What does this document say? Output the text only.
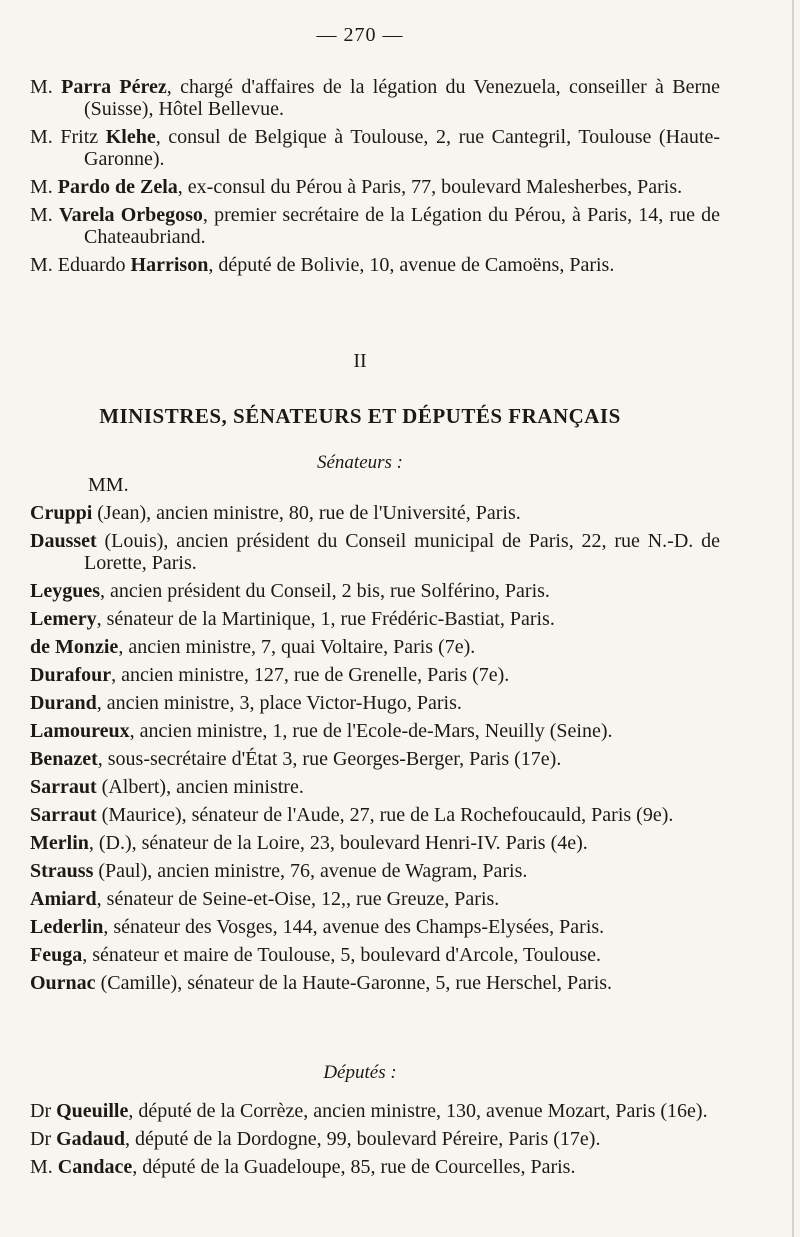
— 270 —

M. Parra Pérez, chargé d'affaires de la légation du Venezuela, conseiller à Berne (Suisse), Hôtel Bellevue.

M. Fritz Klehe, consul de Belgique à Toulouse, 2, rue Cantegril, Toulouse (Haute-Garonne).

M. Pardo de Zela, ex-consul du Pérou à Paris, 77, boulevard Malesherbes, Paris.

M. Varela Orbegoso, premier secrétaire de la Légation du Pérou, à Paris, 14, rue de Chateaubriand.

M. Eduardo Harrison, député de Bolivie, 10, avenue de Camoëns, Paris.

II
MINISTRES, SÉNATEURS ET DÉPUTÉS FRANÇAIS
Sénateurs :
MM.

Cruppi (Jean), ancien ministre, 80, rue de l'Université, Paris.

Dausset (Louis), ancien président du Conseil municipal de Paris, 22, rue N.-D. de Lorette, Paris.

Leygues, ancien président du Conseil, 2 bis, rue Solférino, Paris.

Lemery, sénateur de la Martinique, 1, rue Frédéric-Bastiat, Paris.

de Monzie, ancien ministre, 7, quai Voltaire, Paris (7e).

Durafour, ancien ministre, 127, rue de Grenelle, Paris (7e).

Durand, ancien ministre, 3, place Victor-Hugo, Paris.

Lamoureux, ancien ministre, 1, rue de l'Ecole-de-Mars, Neuilly (Seine).

Benazet, sous-secrétaire d'État 3, rue Georges-Berger, Paris (17e).

Sarraut (Albert), ancien ministre.

Sarraut (Maurice), sénateur de l'Aude, 27, rue de La Rochefoucauld, Paris (9e).

Merlin, (D.), sénateur de la Loire, 23, boulevard Henri-IV. Paris (4e).

Strauss (Paul), ancien ministre, 76, avenue de Wagram, Paris.

Amiard, sénateur de Seine-et-Oise, 12,, rue Greuze, Paris.

Lederlin, sénateur des Vosges, 144, avenue des Champs-Elysées, Paris.

Feuga, sénateur et maire de Toulouse, 5, boulevard d'Arcole, Toulouse.

Ournac (Camille), sénateur de la Haute-Garonne, 5, rue Herschel, Paris.

Députés :

Dr Queuille, député de la Corrèze, ancien ministre, 130, avenue Mozart, Paris (16e).

Dr Gadaud, député de la Dordogne, 99, boulevard Péreire, Paris (17e).

M. Candace, député de la Guadeloupe, 85, rue de Courcelles, Paris.
